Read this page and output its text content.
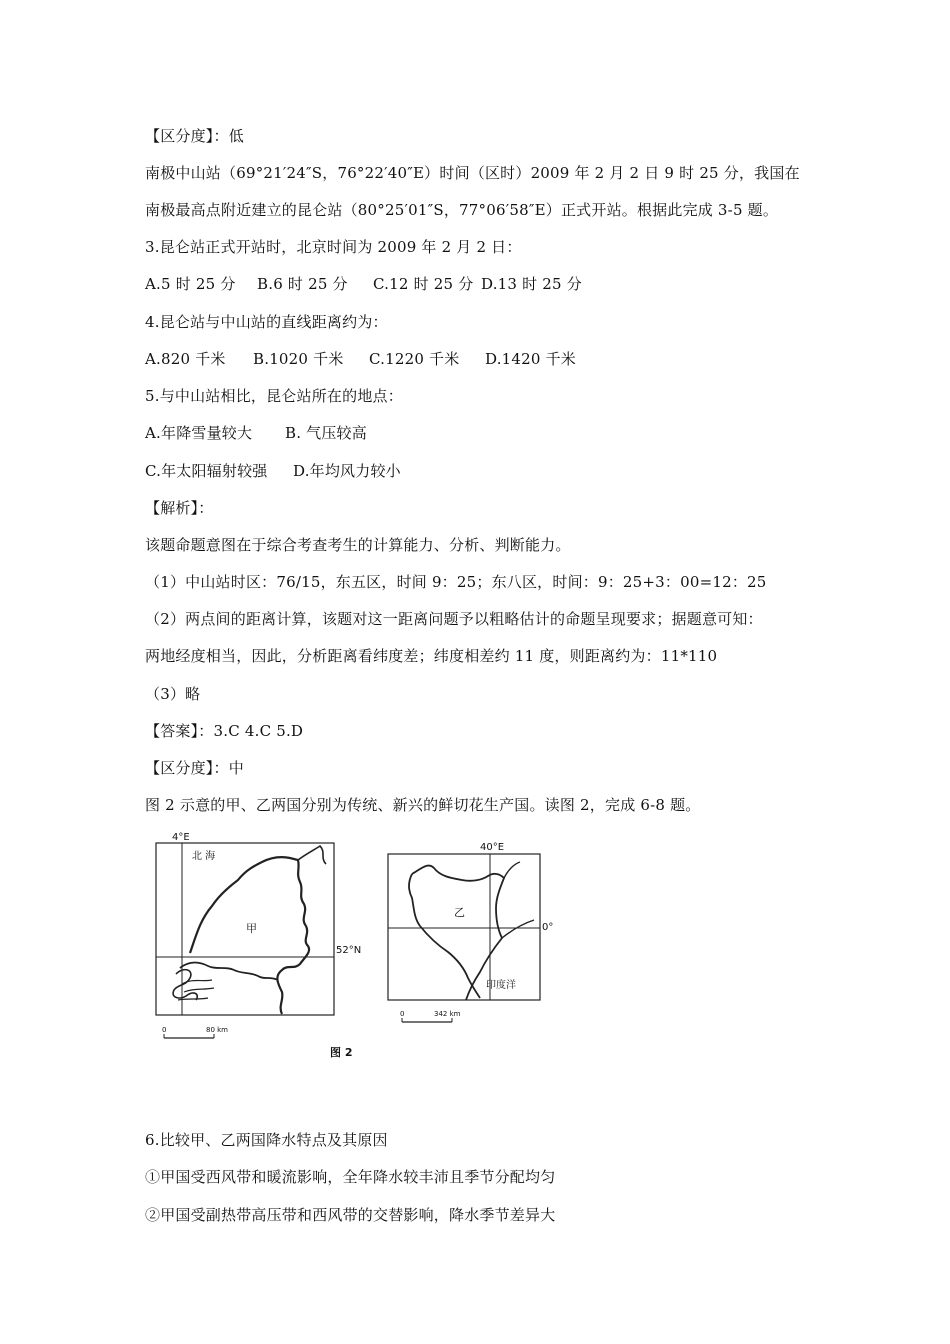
【区分度】：低
南极中山站（69°21′24″S，76°22′40″E）时间（区时）2009 年 2 月 2 日 9 时 25 分，我国在
南极最高点附近建立的昆仑站（80°25′01″S，77°06′58″E）正式开站。根据此完成 3-5 题。
3.昆仑站正式开站时，北京时间为 2009 年 2 月 2 日：
A.5 时 25 分 B.6 时 25 分 C.12 时 25 分 D.13 时 25 分
4.昆仑站与中山站的直线距离约为：
A.820 千米 B.1020 千米 C.1220 千米 D.1420 千米
5.与中山站相比，昆仑站所在的地点：
A.年降雪量较大 B. 气压较高
C.年太阳辐射较强 D.年均风力较小
【解析】：
该题命题意图在于综合考查考生的计算能力、分析、判断能力。
（1）中山站时区：76/15，东五区，时间 9：25；东八区，时间：9：25+3：00=12：25
（2）两点间的距离计算，该题对这一距离问题予以粗略估计的命题呈现要求；据题意可知：
两地经度相当，因此，分析距离看纬度差；纬度相差约 11 度，则距离约为：11*110
（3）略
【答案】：3.C 4.C 5.D
【区分度】：中
图 2 示意的甲、乙两国分别为传统、新兴的鲜切花生产国。读图 2，完成 6-8 题。
4°E
52°N
北 海
甲
0	80 km
40°E
0°
乙
印度洋
0	342 km
图 2
6.比较甲、乙两国降水特点及其原因
①甲国受西风带和暖流影响，全年降水较丰沛且季节分配均匀
②甲国受副热带高压带和西风带的交替影响，降水季节差异大
